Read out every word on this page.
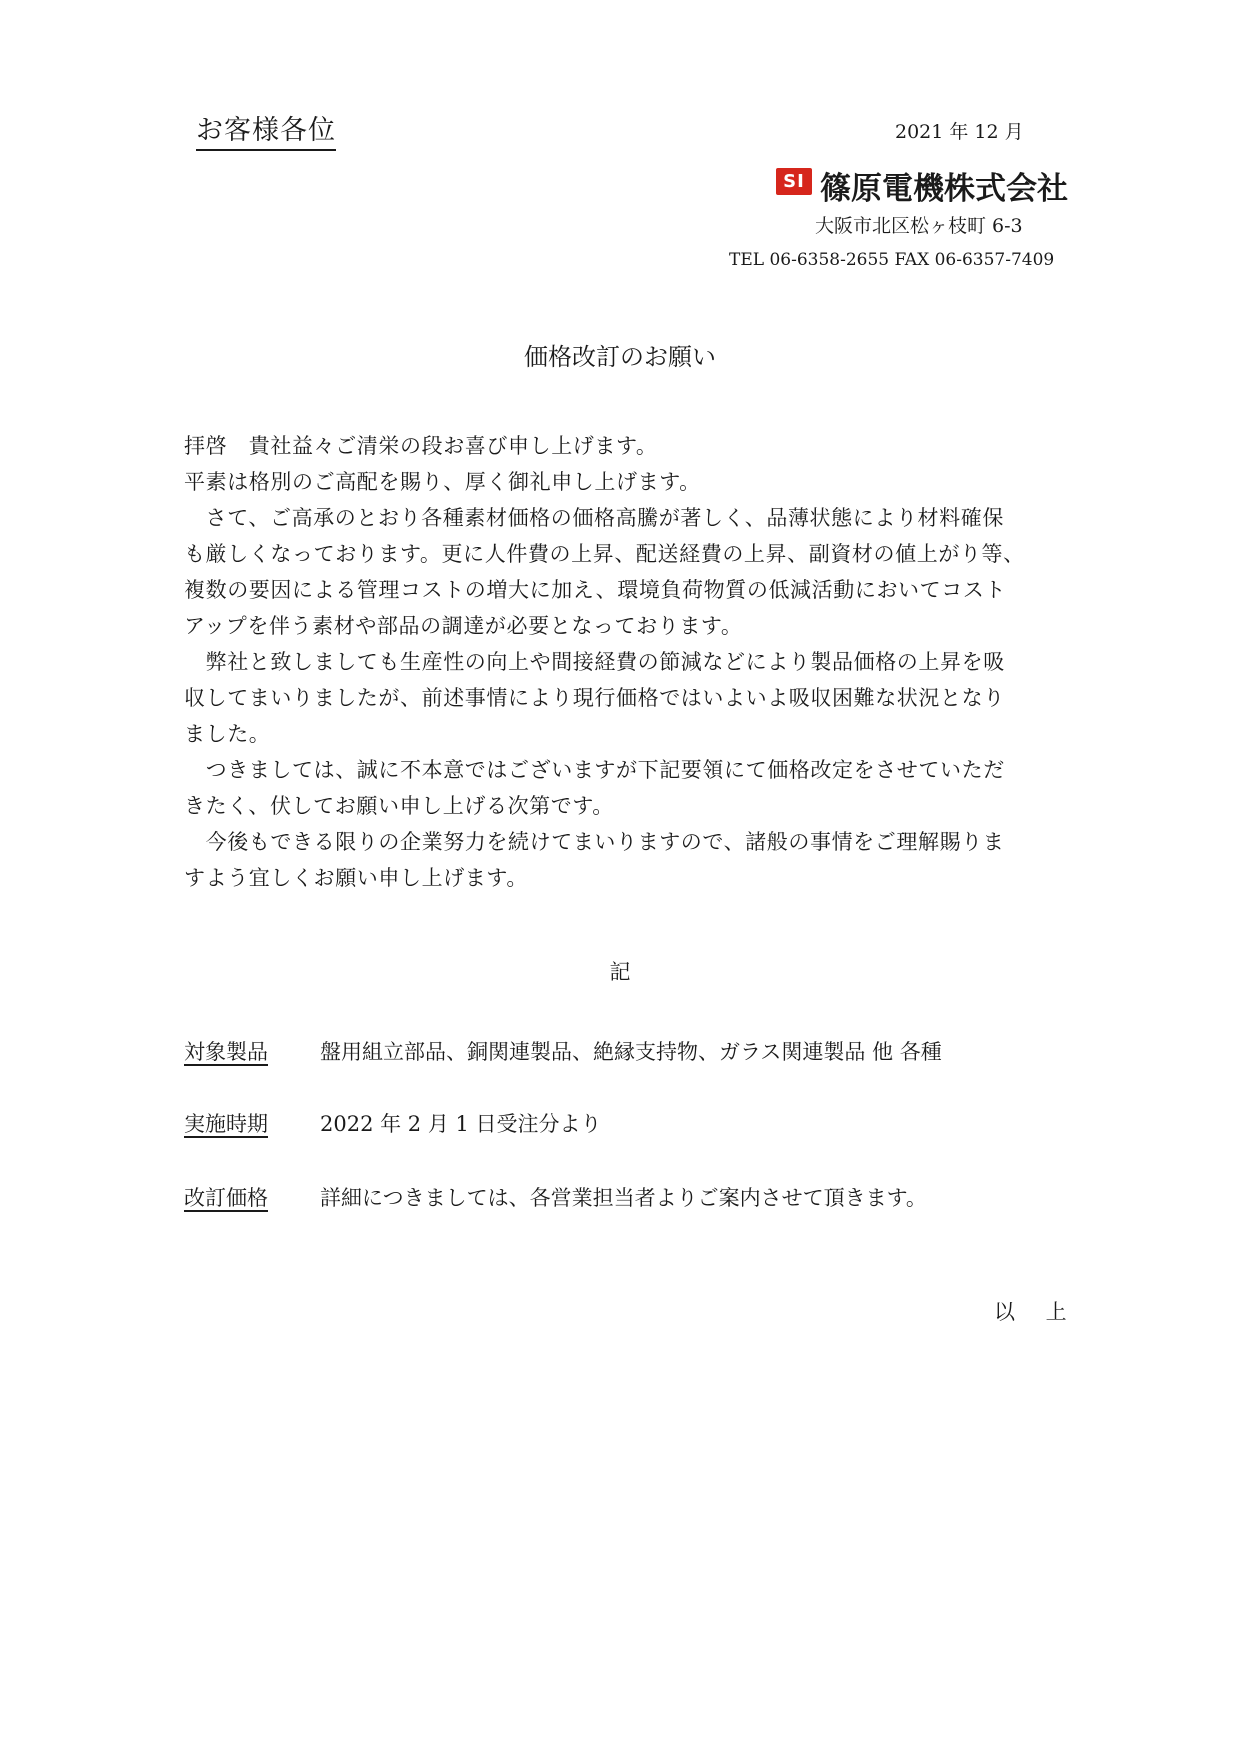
お客様各位	2021 年 12 月
SI 篠原電機株式会社
大阪市北区松ヶ枝町 6-3
TEL 06-6358-2655 FAX 06-6357-7409
価格改訂のお願い

拝啓　貴社益々ご清栄の段お喜び申し上げます。

平素は格別のご高配を賜り、厚く御礼申し上げます。

　さて、ご高承のとおり各種素材価格の価格高騰が著しく、品薄状態により材料確保

も厳しくなっております。更に人件費の上昇、配送経費の上昇、副資材の値上がり等、

複数の要因による管理コストの増大に加え、環境負荷物質の低減活動においてコスト

アップを伴う素材や部品の調達が必要となっております。

　弊社と致しましても生産性の向上や間接経費の節減などにより製品価格の上昇を吸

収してまいりましたが、前述事情により現行価格ではいよいよ吸収困難な状況となり

ました。

　つきましては、誠に不本意ではございますが下記要領にて価格改定をさせていただ

きたく、伏してお願い申し上げる次第です。

　今後もできる限りの企業努力を続けてまいりますので、諸般の事情をご理解賜りま

すよう宜しくお願い申し上げます。

記
対象製品 盤用組立部品、銅関連製品、絶縁支持物、ガラス関連製品 他 各種
実施時期 2022 年 2 月 1 日受注分より
改訂価格 詳細につきましては、各営業担当者よりご案内させて頂きます。
以 上
